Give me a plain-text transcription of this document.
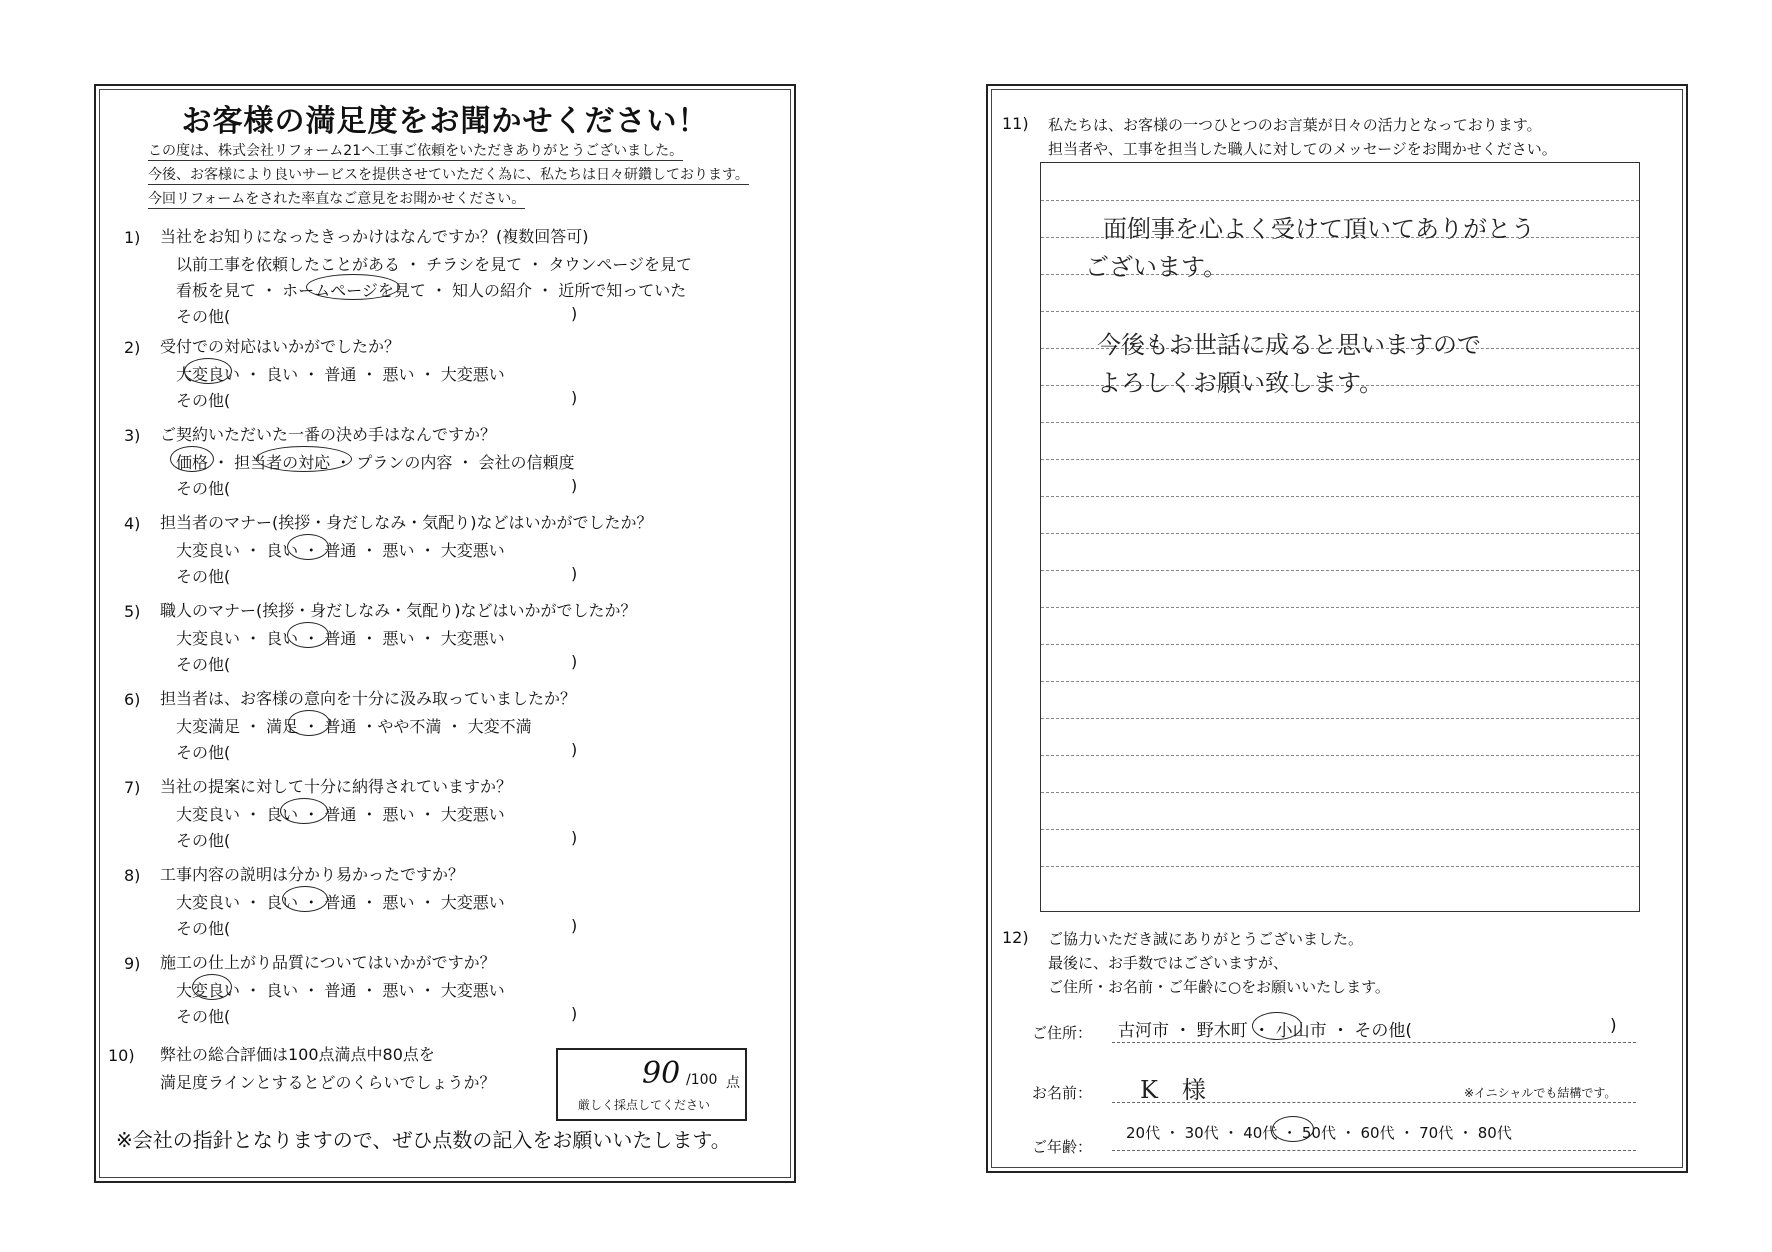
お客様の満足度をお聞かせください！
この度は、株式会社リフォーム21へ工事ご依頼をいただきありがとうございました。
今後、お客様により良いサービスを提供させていただく為に、私たちは日々研鑽しております。
今回リフォームをされた率直なご意見をお聞かせください。
1) 当社をお知りになったきっかけはなんですか？(複数回答可)
以前工事を依頼したことがある ・ チラシを見て ・ タウンページを見て
看板を見て ・ ホームページを見て ・ 知人の紹介 ・ 近所で知っていた
その他(	)
2) 受付での対応はいかがでしたか？
大変良い ・ 良い ・ 普通 ・ 悪い ・ 大変悪い
その他(	)
3) ご契約いただいた一番の決め手はなんですか？
価格 ・ 担当者の対応 ・ プランの内容 ・ 会社の信頼度
その他(	)
4) 担当者のマナー(挨拶・身だしなみ・気配り)などはいかがでしたか？
大変良い ・ 良い ・ 普通 ・ 悪い ・ 大変悪い
その他(	)
5) 職人のマナー(挨拶・身だしなみ・気配り)などはいかがでしたか？
大変良い ・ 良い ・ 普通 ・ 悪い ・ 大変悪い
その他(	)
6) 担当者は、お客様の意向を十分に汲み取っていましたか？
大変満足 ・ 満足 ・ 普通 ・やや不満 ・ 大変不満
その他(	)
7) 当社の提案に対して十分に納得されていますか？
大変良い ・ 良い ・ 普通 ・ 悪い ・ 大変悪い
その他(	)
8) 工事内容の説明は分かり易かったですか？
大変良い ・ 良い ・ 普通 ・ 悪い ・ 大変悪い
その他(	)
9) 施工の仕上がり品質についてはいかがですか？
大変良い ・ 良い ・ 普通 ・ 悪い ・ 大変悪い
その他(	)
10) 弊社の総合評価は100点満点中80点を
満足度ラインとするとどのくらいでしょうか？	90 /100 点
厳しく採点してください
※会社の指針となりますので、ぜひ点数の記入をお願いいたします。
11) 私たちは、お客様の一つひとつのお言葉が日々の活力となっております。
担当者や、工事を担当した職人に対してのメッセージをお聞かせください。
面倒事を心よく受けて頂いてありがとう
ございます。
今後もお世話に成ると思いますので
よろしくお願い致します。
12) ご協力いただき誠にありがとうございました。
最後に、お手数ではございますが、
ご住所・お名前・ご年齢に○をお願いいたします。
ご住所： 古河市 ・ 野木町 ・ 小山市 ・ その他(	)
お名前： K　様	※イニシャルでも結構です。
ご年齢：
20代 ・ 30代 ・ 40代 ・ 50代 ・ 60代 ・ 70代 ・ 80代
